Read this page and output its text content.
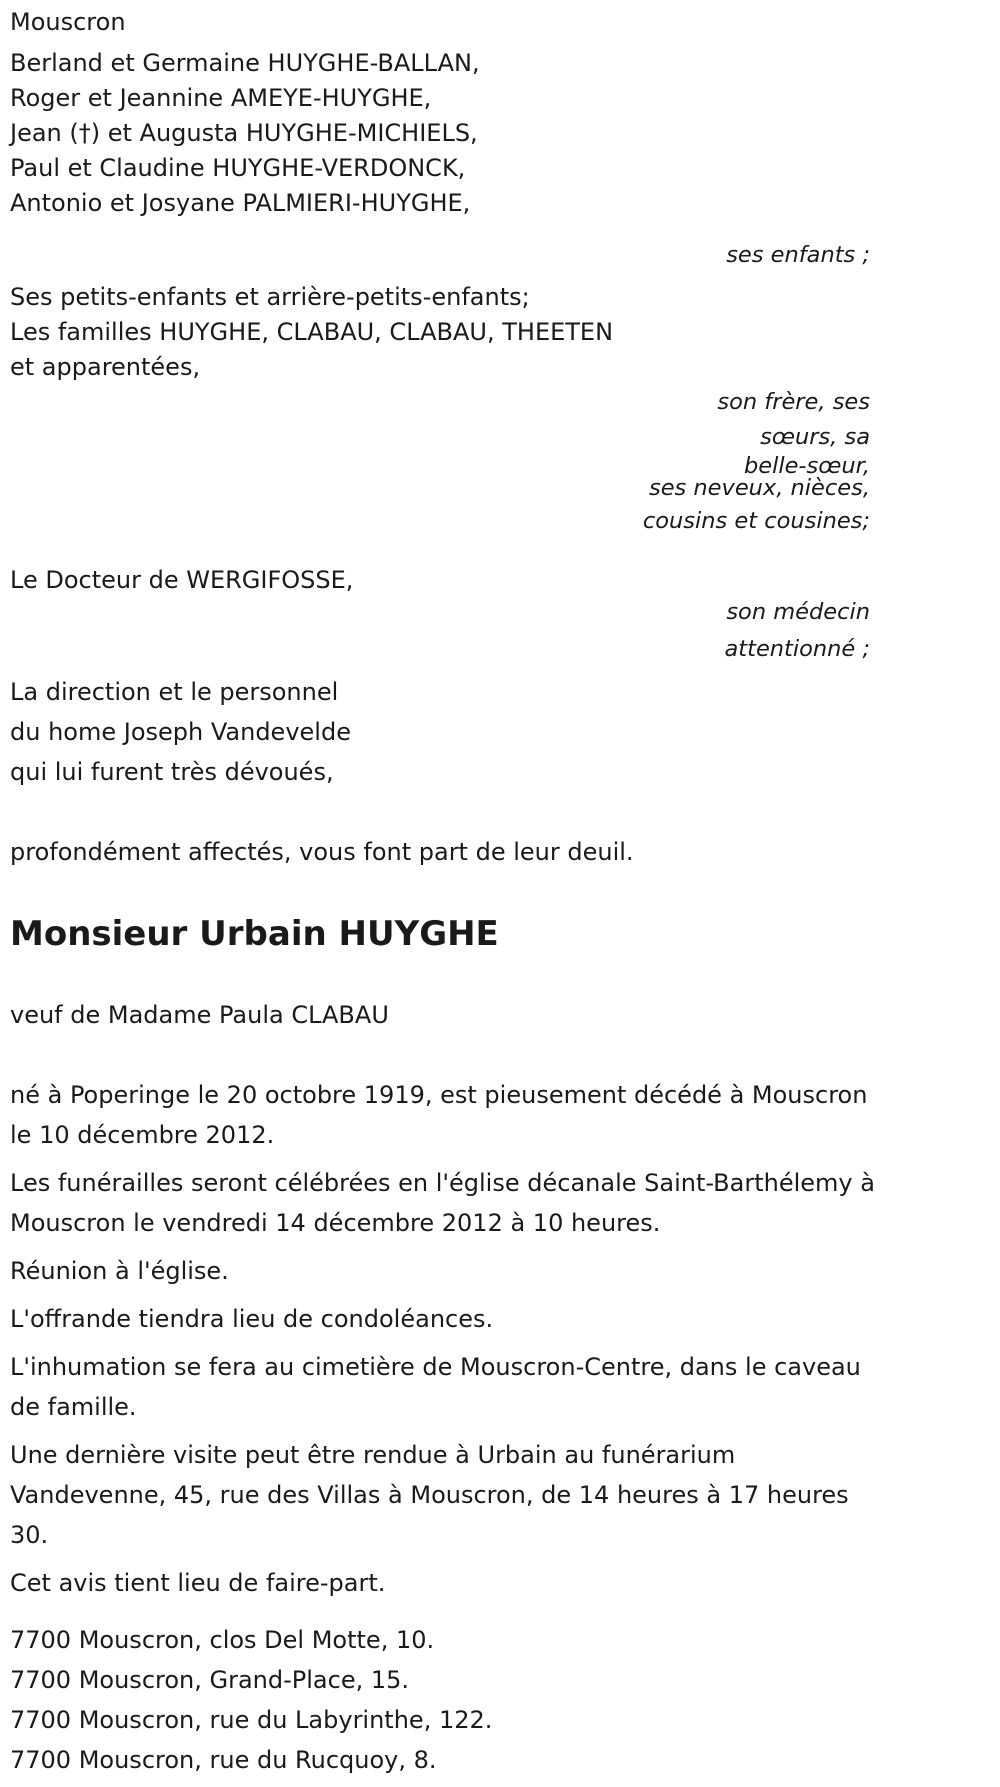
Mouscron
Berland et Germaine HUYGHE-BALLAN,
Roger et Jeannine AMEYE-HUYGHE,
Jean (†) et Augusta HUYGHE-MICHIELS,
Paul et Claudine HUYGHE-VERDONCK,
Antonio et Josyane PALMIERI-HUYGHE,
ses enfants ;
Ses petits-enfants et arrière-petits-enfants;
Les familles HUYGHE, CLABAU, CLABAU, THEETEN
et apparentées,
son frère, ses
sœurs, sa
belle-sœur,
ses neveux, nièces,
cousins et cousines;
Le Docteur de WERGIFOSSE,
son médecin
attentionné ;
La direction et le personnel
du home Joseph Vandevelde
qui lui furent très dévoués,
profondément affectés, vous font part de leur deuil.
Monsieur Urbain HUYGHE
veuf de Madame Paula CLABAU
né à Poperinge le 20 octobre 1919, est pieusement décédé à Mouscron le 10 décembre 2012.
Les funérailles seront célébrées en l'église décanale Saint-Barthélemy à Mouscron le vendredi 14 décembre 2012 à 10 heures.
Réunion à l'église.
L'offrande tiendra lieu de condoléances.
L'inhumation se fera au cimetière de Mouscron-Centre, dans le caveau de famille.
Une dernière visite peut être rendue à Urbain au funérarium Vandevenne, 45, rue des Villas à Mouscron, de 14 heures à 17 heures 30.
Cet avis tient lieu de faire-part.
7700 Mouscron, clos Del Motte, 10.
7700 Mouscron, Grand-Place, 15.
7700 Mouscron, rue du Labyrinthe, 122.
7700 Mouscron, rue du Rucquoy, 8.
